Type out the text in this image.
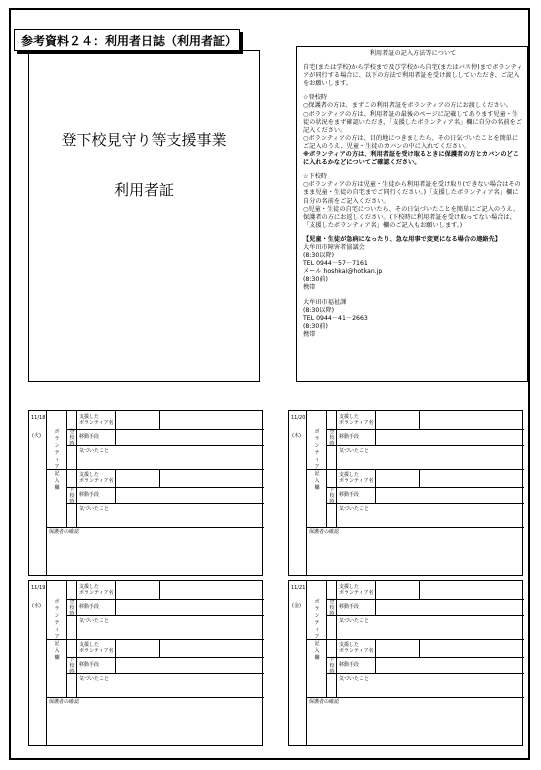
参考資料２４：利用者日誌（利用者証）
登下校見守り等支援事業
利用者証
利用者証の記入方法等について

自宅(または学校)から学校まで及び学校から自宅(またはバス停)までボランティアが同行する場合に、以下の方法で利用者証を受け渡ししていただき、ご記入をお願いします。

☆登校時

○保護者の方は、まずこの利用者証をボランティアの方にお渡しください。

○ボランティアの方は、利用者証の最後のページに記載してあります児童・生徒の状況をまず確認いただき、「支援したボランティア名」欄に自分の名前をご記入ください。

○ボランティアの方は、目的地につきましたら、その日気づいたことを簡単にご記入のうえ、児童・生徒のカバンの中に入れてください。

※ボランティアの方は、利用者証を受け取るときに保護者の方とカバンのどこに入れるかなどについてご確認ください。

☆下校時

○ボランティアの方は児童・生徒から利用者証を受け取り(できない場合はそのまま児童・生徒の自宅までご同行ください。)「支援したボランティア名」欄に自分の名前をご記入ください。

○児童・生徒の自宅についたら、その日気づいたことを簡単にご記入のうえ、保護者の方にお返しください。(下校時に利用者証を受け取ってない場合は、「支援したボランティア名」欄のご記入もお願いします。)

【児童・生徒が急病になったり、急な用事で変更になる場合の連絡先】

大牟田市障害者協議会

(8:30以降)

TEL 0944－57－7161

メール hoshkai@hotkan.jp

(8:30前)

携帯

大牟田市福祉課

(8:30以降)

TEL 0944－41－2663

(8:30前)

携帯

11/18
(火)
ボランティア記入欄
登校時
下校時
支援した
ボランティア名
移動手段
気づいたこと
支援した
ボランティア名
移動手段
気づいたこと
保護者の確認
11/20
(木)
ボランティア記入欄
登校時
下校時
支援した
ボランティア名
移動手段
気づいたこと
支援した
ボランティア名
移動手段
気づいたこと
保護者の確認
11/19
(水)
ボランティア記入欄
登校時
下校時
支援した
ボランティア名
移動手段
気づいたこと
支援した
ボランティア名
移動手段
気づいたこと
保護者の確認
11/21
(金)
ボランティア記入欄
登校時
下校時
支援した
ボランティア名
移動手段
気づいたこと
支援した
ボランティア名
移動手段
気づいたこと
保護者の確認
